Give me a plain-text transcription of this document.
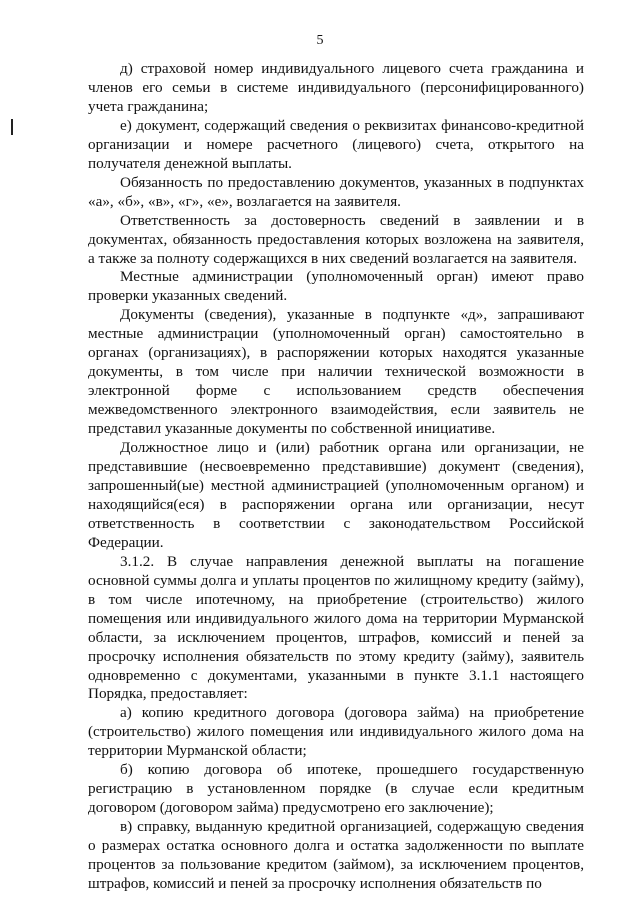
5

д) страховой номер индивидуального лицевого счета гражданина и членов его семьи в системе индивидуального (персонифицированного) учета гражданина;

е) документ, содержащий сведения о реквизитах финансово-кредитной организации и номере расчетного (лицевого) счета, открытого на получателя денежной выплаты.

Обязанность по предоставлению документов, указанных в подпунктах «а», «б», «в», «г», «е», возлагается на заявителя.

Ответственность за достоверность сведений в заявлении и в документах, обязанность предоставления которых возложена на заявителя, а также за полноту содержащихся в них сведений возлагается на заявителя.

Местные администрации (уполномоченный орган) имеют право проверки указанных сведений.

Документы (сведения), указанные в подпункте «д», запрашивают местные администрации (уполномоченный орган) самостоятельно в органах (организациях), в распоряжении которых находятся указанные документы, в том числе при наличии технической возможности в электронной форме с использованием средств обеспечения межведомственного электронного взаимодействия, если заявитель не представил указанные документы по собственной инициативе.

Должностное лицо и (или) работник органа или организации, не представившие (несвоевременно представившие) документ (сведения), запрошенный(ые) местной администрацией (уполномоченным органом) и находящийся(еся) в распоряжении органа или организации, несут ответственность в соответствии с законодательством Российской Федерации.

3.1.2. В случае направления денежной выплаты на погашение основной суммы долга и уплаты процентов по жилищному кредиту (займу), в том числе ипотечному, на приобретение (строительство) жилого помещения или индивидуального жилого дома на территории Мурманской области, за исключением процентов, штрафов, комиссий и пеней за просрочку исполнения обязательств по этому кредиту (займу), заявитель одновременно с документами, указанными в пункте 3.1.1 настоящего Порядка, предоставляет:

а) копию кредитного договора (договора займа) на приобретение (строительство) жилого помещения или индивидуального жилого дома на территории Мурманской области;

б) копию договора об ипотеке, прошедшего государственную регистрацию в установленном порядке (в случае если кредитным договором (договором займа) предусмотрено его заключение);

в) справку, выданную кредитной организацией, содержащую сведения о размерах остатка основного долга и остатка задолженности по выплате процентов за пользование кредитом (займом), за исключением процентов, штрафов, комиссий и пеней за просрочку исполнения обязательств по
